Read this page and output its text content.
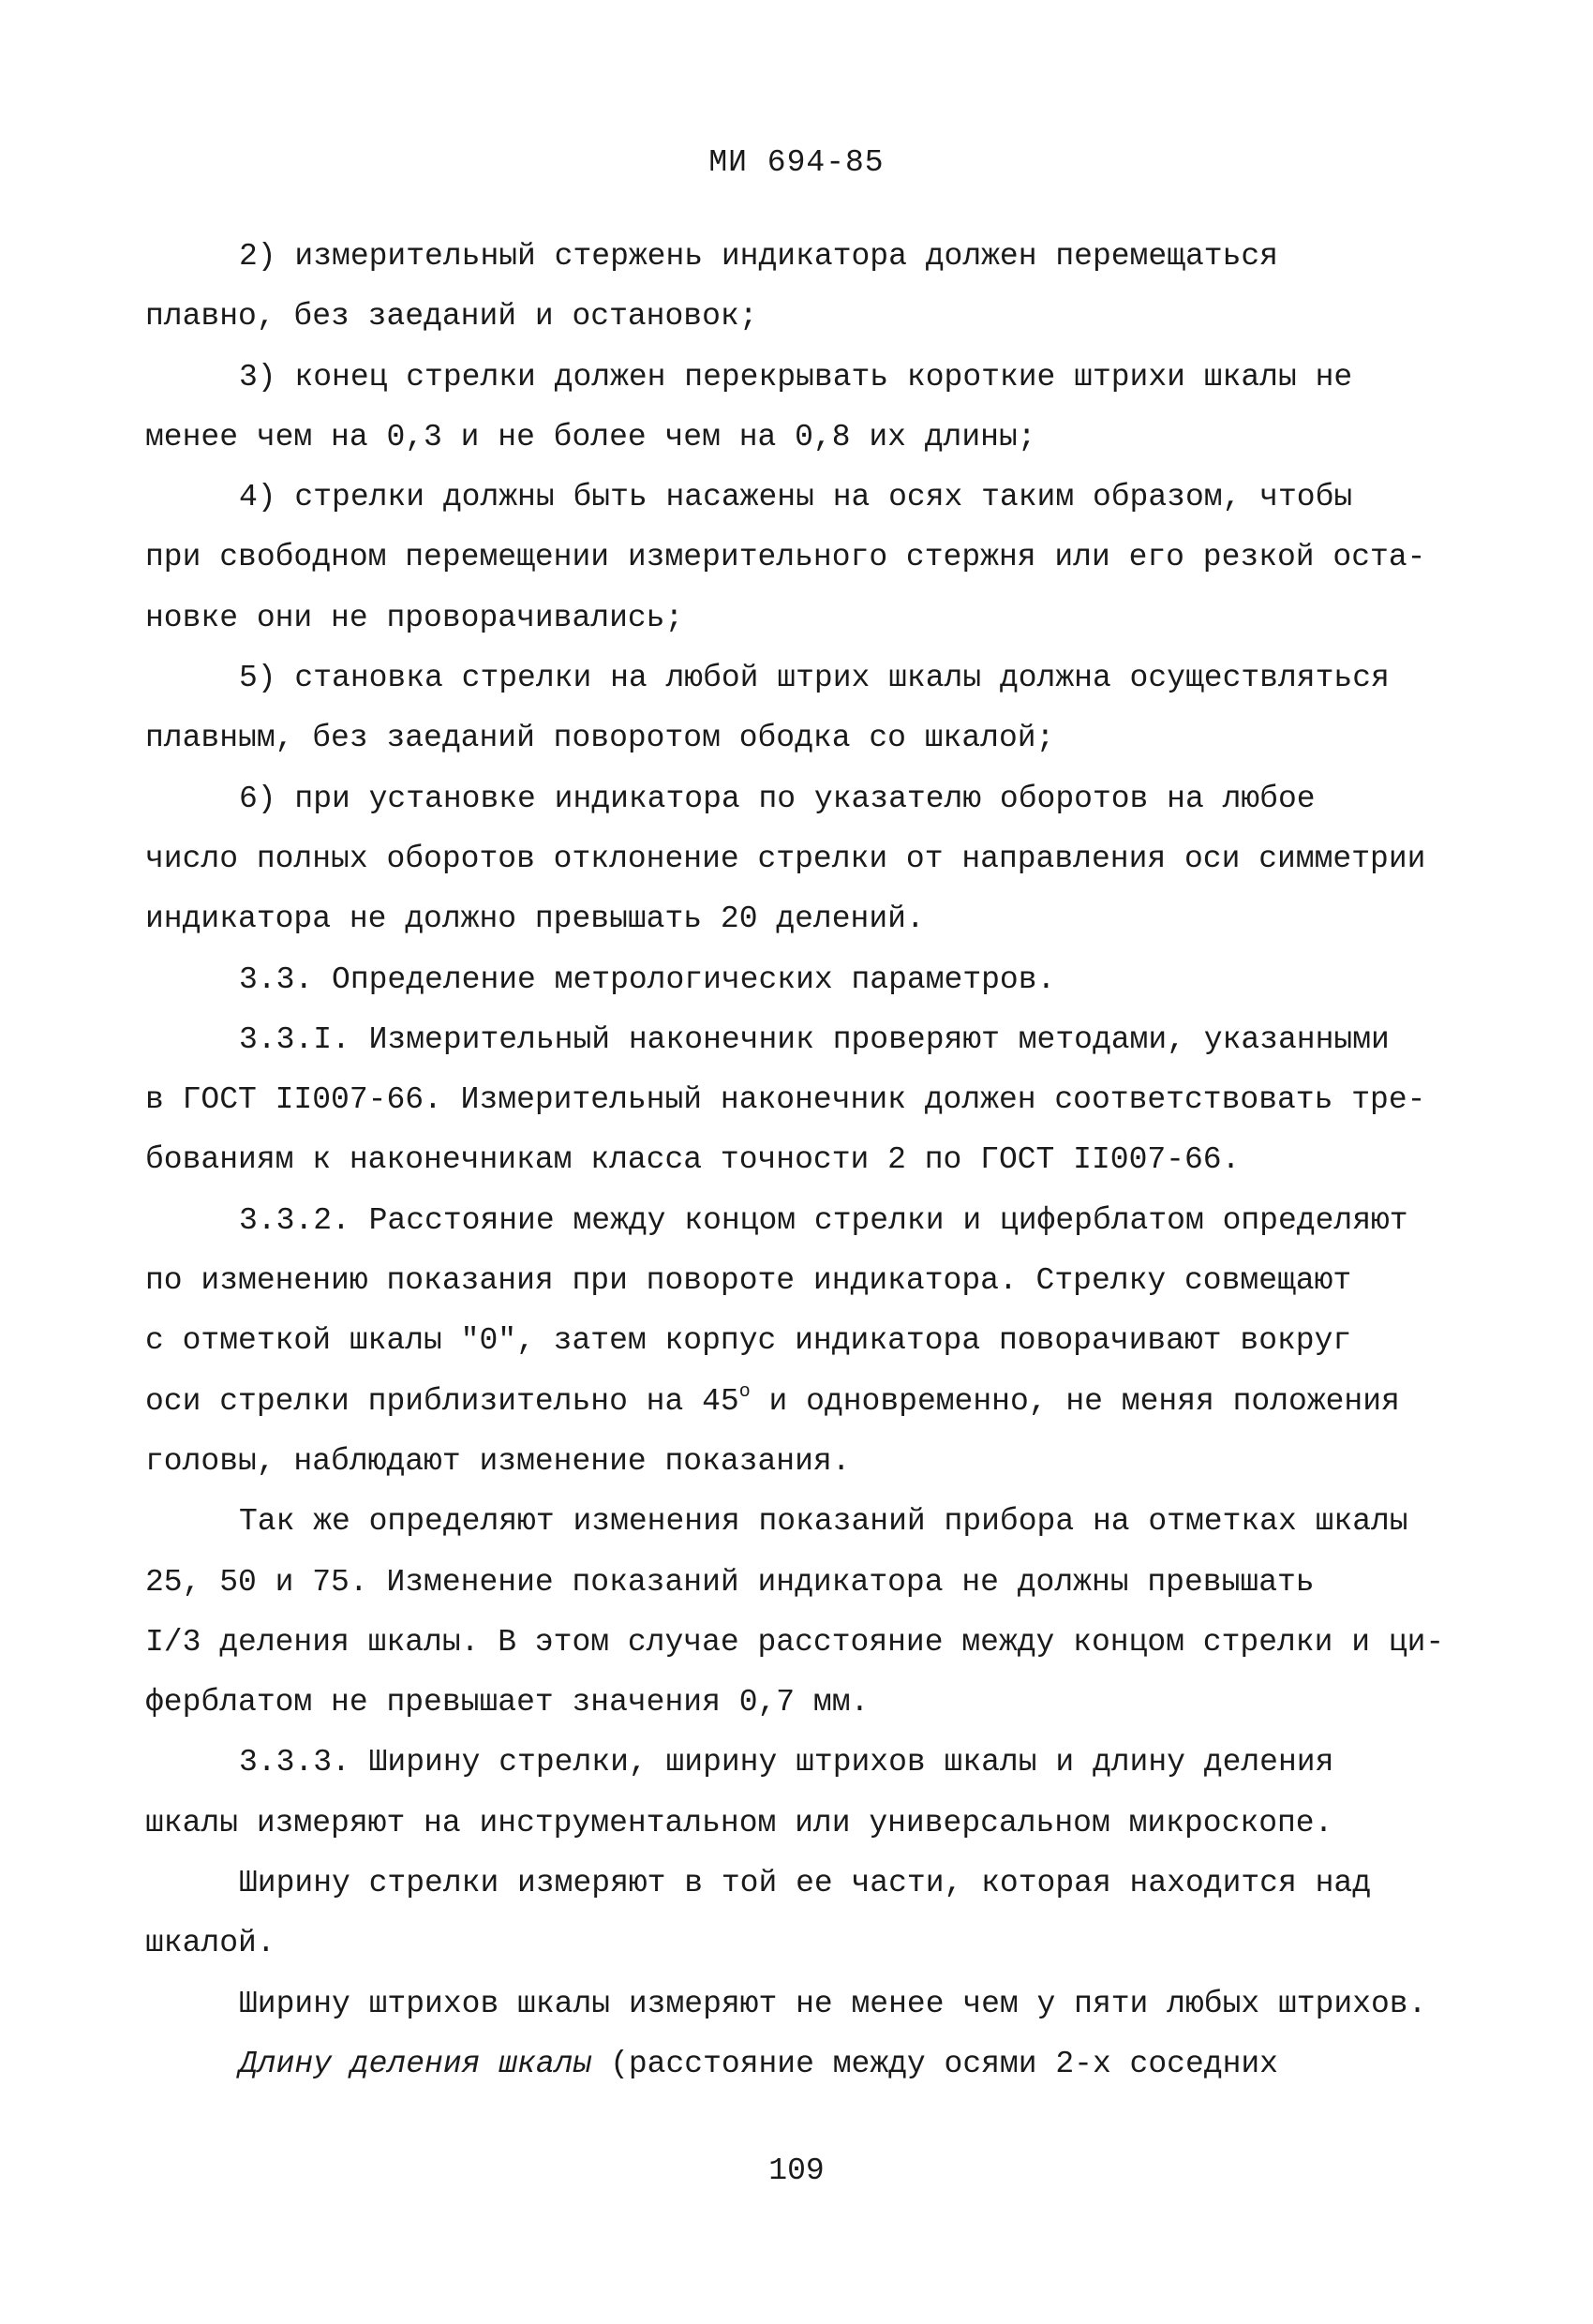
МИ 694-85
2) измерительный стержень индикатора должен перемещаться
плавно, без заеданий и остановок;
3) конец стрелки должен перекрывать короткие штрихи шкалы не
менее чем на 0,3 и не более чем на 0,8 их длины;
4) стрелки должны быть насажены на осях таким образом, чтобы
при свободном перемещении измерительного стержня или его резкой оста-
новке они не проворачивались;
5) становка стрелки на любой штрих шкалы должна осуществляться
плавным, без заеданий поворотом ободка со шкалой;
6) при установке индикатора по указателю оборотов на любое
число полных оборотов отклонение стрелки от направления оси симметрии
индикатора не должно превышать 20 делений.
3.3. Определение метрологических параметров.
3.3.I. Измерительный наконечник проверяют методами, указанными
в ГОСТ II007-66. Измерительный наконечник должен соответствовать тре-
бованиям к наконечникам класса точности 2 по ГОСТ II007-66.
3.3.2. Расстояние между концом стрелки и циферблатом определяют
по изменению показания при повороте индикатора. Стрелку совмещают
с отметкой шкалы "0", затем корпус индикатора поворачивают вокруг
оси стрелки приблизительно на $45^о$ и одновременно, не меняя положения
головы, наблюдают изменение показания.
Так же определяют изменения показаний прибора на отметках шкалы
25, 50 и 75. Изменение показаний индикатора не должны превышать
I/3 деления шкалы. В этом случае расстояние между концом стрелки и ци-
ферблатом не превышает значения 0,7 мм.
3.3.3. Ширину стрелки, ширину штрихов шкалы и длину деления
шкалы измеряют на инструментальном или универсальном микроскопе.
Ширину стрелки измеряют в той ее части, которая находится над
шкалой.
Ширину штрихов шкалы измеряют не менее чем у пяти любых штрихов.
Длину деления шкалы (расстояние между осями 2-х соседних
109
